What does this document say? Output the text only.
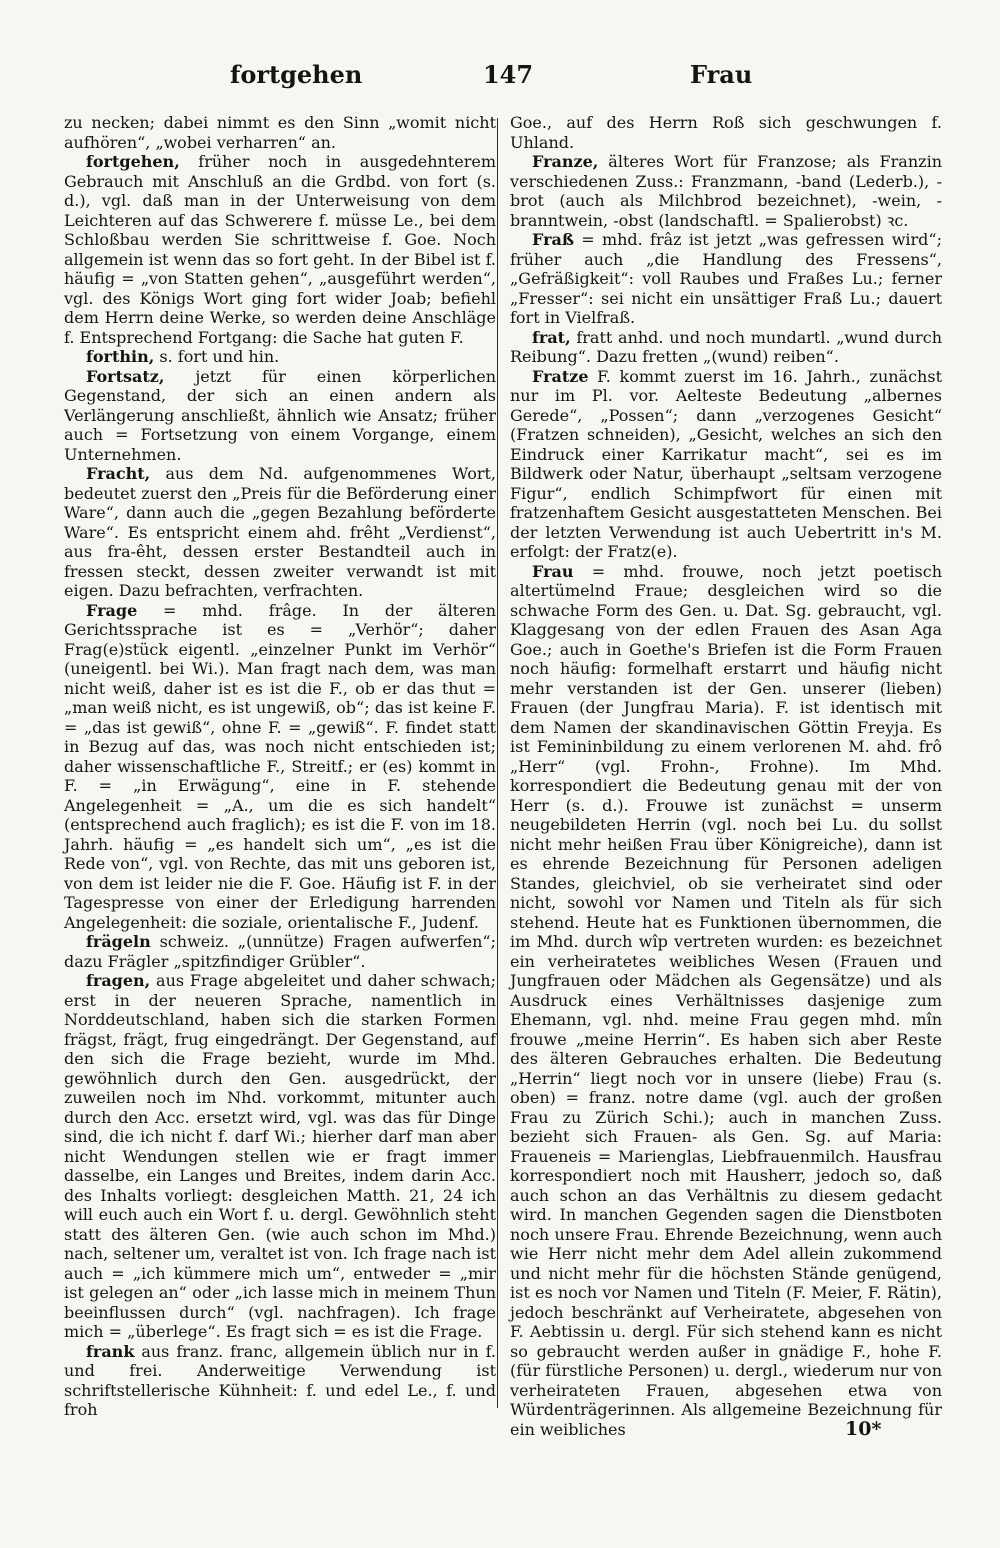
fortgehen	147	Frau

zu necken; dabei nimmt es den Sinn „womit nicht aufhören“, „wobei verharren“ an.

fortgehen, früher noch in ausgedehnterem Gebrauch mit Anschluß an die Grdbd. von fort (s. d.), vgl. daß man in der Unterweisung von dem Leichteren auf das Schwerere f. müsse Le., bei dem Schloßbau werden Sie schrittweise f. Goe. Noch allgemein ist wenn das so fort geht. In der Bibel ist f. häufig = „von Statten gehen“, „ausgeführt werden“, vgl. des Königs Wort ging fort wider Joab; befiehl dem Herrn deine Werke, so werden deine Anschläge f. Entsprechend Fortgang: die Sache hat guten F.

forthin, s. fort und hin.

Fortsatz, jetzt für einen körperlichen Gegenstand, der sich an einen andern als Verlängerung anschließt, ähnlich wie Ansatz; früher auch = Fortsetzung von einem Vorgange, einem Unternehmen.

Fracht, aus dem Nd. aufgenommenes Wort, bedeutet zuerst den „Preis für die Beförderung einer Ware“, dann auch die „gegen Bezahlung beförderte Ware“. Es entspricht einem ahd. frêht „Verdienst“, aus fra-êht, dessen erster Bestandteil auch in fressen steckt, dessen zweiter verwandt ist mit eigen. Dazu befrachten, verfrachten.

Frage = mhd. frâge. In der älteren Gerichtssprache ist es = „Verhör“; daher Frag(e)stück eigentl. „einzelner Punkt im Verhör“ (uneigentl. bei Wi.). Man fragt nach dem, was man nicht weiß, daher ist es ist die F., ob er das thut = „man weiß nicht, es ist ungewiß, ob“; das ist keine F. = „das ist gewiß“, ohne F. = „gewiß“. F. findet statt in Bezug auf das, was noch nicht entschieden ist; daher wissenschaftliche F., Streitf.; er (es) kommt in F. = „in Erwägung“, eine in F. stehende Angelegenheit = „A., um die es sich handelt“ (entsprechend auch fraglich); es ist die F. von im 18. Jahrh. häufig = „es handelt sich um“, „es ist die Rede von“, vgl. von Rechte, das mit uns geboren ist, von dem ist leider nie die F. Goe. Häufig ist F. in der Tagespresse von einer der Erledigung harrenden Angelegenheit: die soziale, orientalische F., Judenf.

frägeln schweiz. „(unnütze) Fragen aufwerfen“; dazu Frägler „spitzfindiger Grübler“.

fragen, aus Frage abgeleitet und daher schwach; erst in der neueren Sprache, namentlich in Norddeutschland, haben sich die starken Formen frägst, frägt, frug eingedrängt. Der Gegenstand, auf den sich die Frage bezieht, wurde im Mhd. gewöhnlich durch den Gen. ausgedrückt, der zuweilen noch im Nhd. vorkommt, mitunter auch durch den Acc. ersetzt wird, vgl. was das für Dinge sind, die ich nicht f. darf Wi.; hierher darf man aber nicht Wendungen stellen wie er fragt immer dasselbe, ein Langes und Breites, indem darin Acc. des Inhalts vorliegt: desgleichen Matth. 21, 24 ich will euch auch ein Wort f. u. dergl. Gewöhnlich steht statt des älteren Gen. (wie auch schon im Mhd.) nach, seltener um, veraltet ist von. Ich frage nach ist auch = „ich kümmere mich um“, entweder = „mir ist gelegen an“ oder „ich lasse mich in meinem Thun beeinflussen durch“ (vgl. nachfragen). Ich frage mich = „überlege“. Es fragt sich = es ist die Frage.

frank aus franz. franc, allgemein üblich nur in f. und frei. Anderweitige Verwendung ist schriftstellerische Kühnheit: f. und edel Le., f. und froh

Goe., auf des Herrn Roß sich geschwungen f. Uhland.

Franze, älteres Wort für Franzose; als Franzin verschiedenen Zuss.: Franzmann, -band (Lederb.), -brot (auch als Milchbrod bezeichnet), -wein, -branntwein, -obst (landschaftl. = Spalierobst) ꝛc.

Fraß = mhd. frâz ist jetzt „was gefressen wird“; früher auch „die Handlung des Fressens“, „Gefräßigkeit“: voll Raubes und Fraßes Lu.; ferner „Fresser“: sei nicht ein unsättiger Fraß Lu.; dauert fort in Vielfraß.

frat, fratt anhd. und noch mundartl. „wund durch Reibung“. Dazu fretten „(wund) reiben“.

Fratze F. kommt zuerst im 16. Jahrh., zunächst nur im Pl. vor. Aelteste Bedeutung „albernes Gerede“, „Possen“; dann „verzogenes Gesicht“ (Fratzen schneiden), „Gesicht, welches an sich den Eindruck einer Karrikatur macht“, sei es im Bildwerk oder Natur, überhaupt „seltsam verzogene Figur“, endlich Schimpfwort für einen mit fratzenhaftem Gesicht ausgestatteten Menschen. Bei der letzten Verwendung ist auch Uebertritt in's M. erfolgt: der Fratz(e).

Frau = mhd. frouwe, noch jetzt poetisch altertümelnd Fraue; desgleichen wird so die schwache Form des Gen. u. Dat. Sg. gebraucht, vgl. Klaggesang von der edlen Frauen des Asan Aga Goe.; auch in Goethe's Briefen ist die Form Frauen noch häufig: formelhaft erstarrt und häufig nicht mehr verstanden ist der Gen. unserer (lieben) Frauen (der Jungfrau Maria). F. ist identisch mit dem Namen der skandinavischen Göttin Freyja. Es ist Femininbildung zu einem verlorenen M. ahd. frô „Herr“ (vgl. Frohn-, Frohne). Im Mhd. korrespondiert die Bedeutung genau mit der von Herr (s. d.). Frouwe ist zunächst = unserm neugebildeten Herrin (vgl. noch bei Lu. du sollst nicht mehr heißen Frau über Königreiche), dann ist es ehrende Bezeichnung für Personen adeligen Standes, gleichviel, ob sie verheiratet sind oder nicht, sowohl vor Namen und Titeln als für sich stehend. Heute hat es Funktionen übernommen, die im Mhd. durch wîp vertreten wurden: es bezeichnet ein verheiratetes weibliches Wesen (Frauen und Jungfrauen oder Mädchen als Gegensätze) und als Ausdruck eines Verhältnisses dasjenige zum Ehemann, vgl. nhd. meine Frau gegen mhd. mîn frouwe „meine Herrin“. Es haben sich aber Reste des älteren Gebrauches erhalten. Die Bedeutung „Herrin“ liegt noch vor in unsere (liebe) Frau (s. oben) = franz. notre dame (vgl. auch der großen Frau zu Zürich Schi.); auch in manchen Zuss. bezieht sich Frauen- als Gen. Sg. auf Maria: Fraueneis = Marienglas, Liebfrauenmilch. Hausfrau korrespondiert noch mit Hausherr, jedoch so, daß auch schon an das Verhältnis zu diesem gedacht wird. In manchen Gegenden sagen die Dienstboten noch unsere Frau. Ehrende Bezeichnung, wenn auch wie Herr nicht mehr dem Adel allein zukommend und nicht mehr für die höchsten Stände genügend, ist es noch vor Namen und Titeln (F. Meier, F. Rätin), jedoch beschränkt auf Verheiratete, abgesehen von F. Aebtissin u. dergl. Für sich stehend kann es nicht so gebraucht werden außer in gnädige F., hohe F. (für fürstliche Personen) u. dergl., wiederum nur von verheirateten Frauen, abgesehen etwa von Würdenträgerinnen. Als allgemeine Bezeichnung für ein weibliches	10*
